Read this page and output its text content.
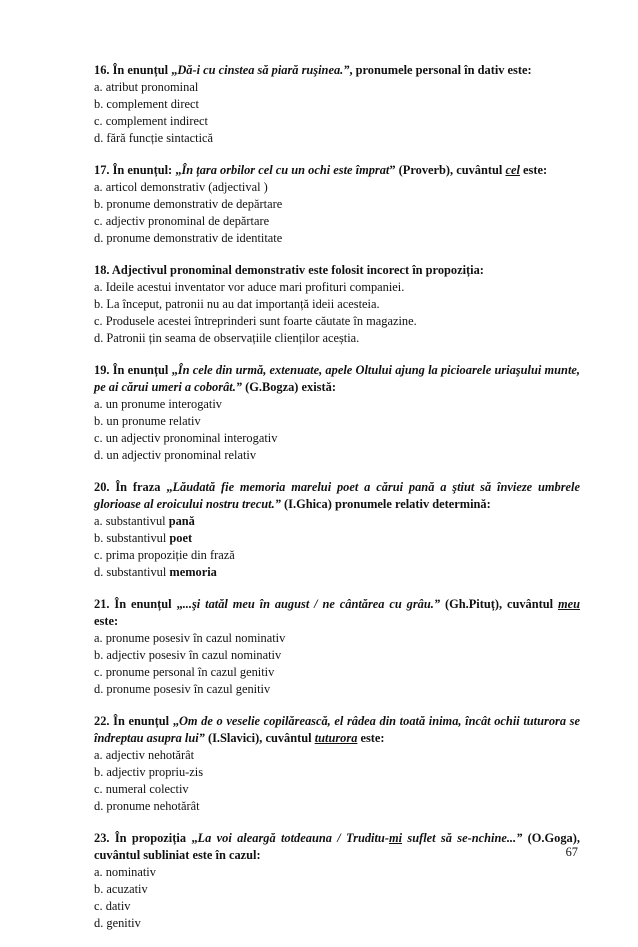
16. În enunțul „Dă-i cu cinstea să piară ruşinea.”, pronumele personal în dativ este:

a. atribut pronominal

b. complement direct

c. complement indirect

d. fără funcție sintactică

17. În enunțul: „În țara orbilor cel cu un ochi este împrat” (Proverb), cuvântul cel este:

a. articol demonstrativ (adjectival )

b. pronume demonstrativ de depărtare

c. adjectiv pronominal de depărtare

d. pronume demonstrativ de identitate

18. Adjectivul pronominal demonstrativ este folosit incorect în propoziția:

a. Ideile acestui inventator vor aduce mari profituri companiei.

b. La început, patronii nu au dat importanță ideii acesteia.

c. Produsele acestei întreprinderi sunt foarte căutate în magazine.

d. Patronii țin seama de observațiile clienților aceștia.

19. În enunțul „În cele din urmă, extenuate, apele Oltului ajung la picioarele uriaşului munte, pe ai cărui umeri a coborât.” (G.Bogza) există:

a. un pronume interogativ

b. un pronume relativ

c. un adjectiv pronominal interogativ

d. un adjectiv pronominal relativ

20. În fraza „Lăudată fie memoria marelui poet a cărui pană a ştiut să învieze umbrele glorioase al eroicului nostru trecut.” (I.Ghica) pronumele relativ determină:

a. substantivul pană

b. substantivul poet

c. prima propoziție din frază

d. substantivul memoria

21. În enunțul „...şi tatăl meu în august / ne cântărea cu grâu.” (Gh.Pituț), cuvântul meu este:

a. pronume posesiv în cazul nominativ

b. adjectiv posesiv în cazul nominativ

c. pronume personal în cazul genitiv

d. pronume posesiv în cazul genitiv

22. În enunțul „Om de o veselie copilărească, el râdea din toată inima, încât ochii tuturora se îndreptau asupra lui” (I.Slavici), cuvântul tuturora este:

a. adjectiv nehotărât

b. adjectiv propriu-zis

c. numeral colectiv

d. pronume nehotărât

23. În propoziția „La voi aleargă totdeauna / Truditu-mi suflet să se-nchine...” (O.Goga), cuvântul subliniat este în cazul:

a. nominativ

b. acuzativ

c. dativ

d. genitiv

67
